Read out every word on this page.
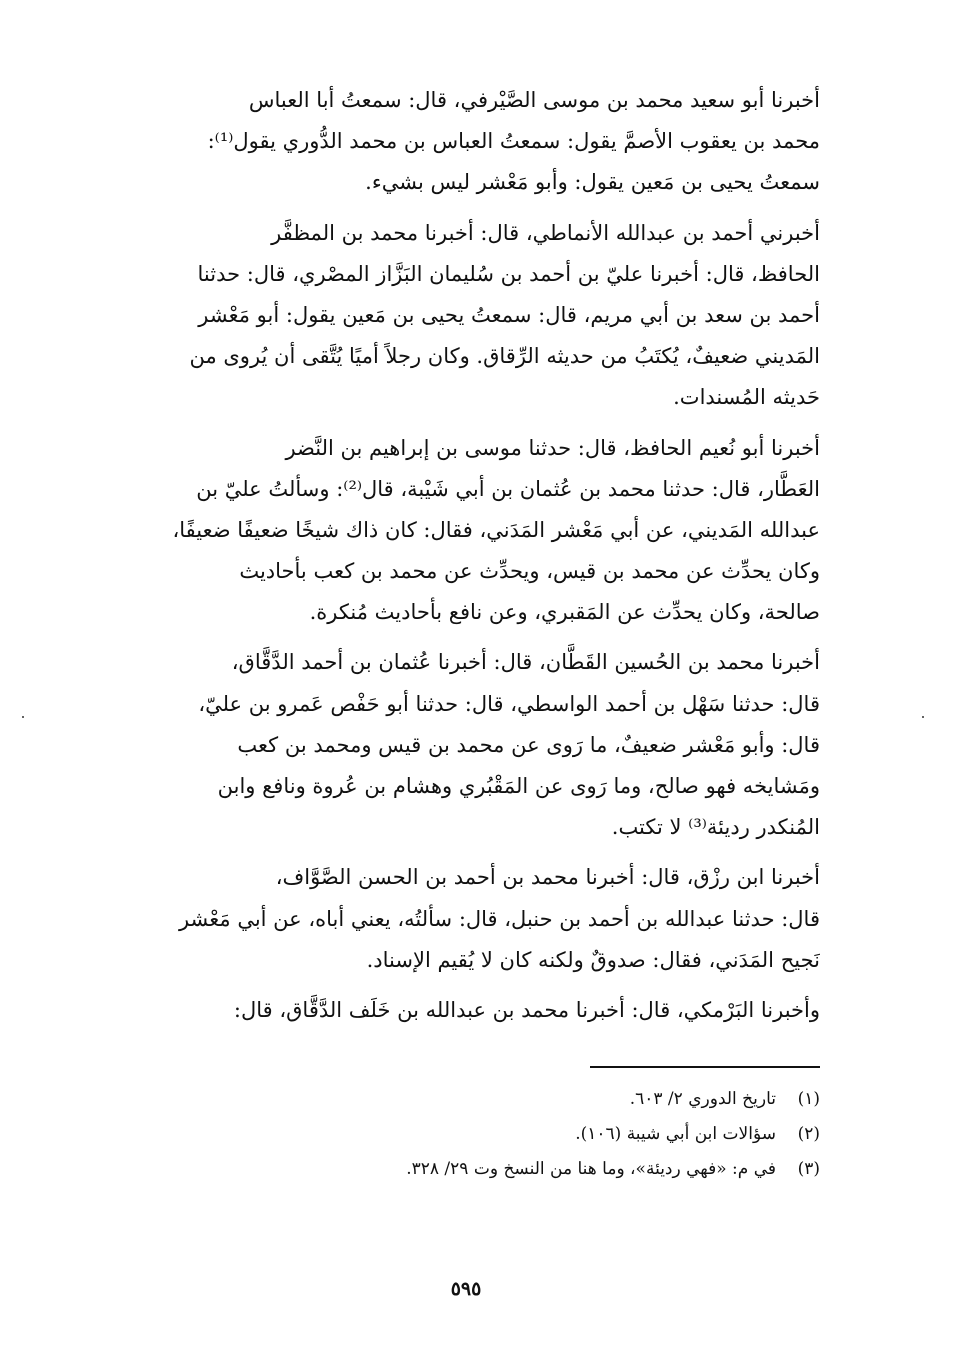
أخبرنا أبو سعيد محمد بن موسى الصَّيْرفي، قال: سمعتُ أبا العباس
محمد بن يعقوب الأصمَّ يقول: سمعتُ العباس بن محمد الدُّوري يقول⁽¹⁾:
سمعتُ يحيى بن مَعين يقول: وأبو مَعْشر ليس بشيء.
أخبرني أحمد بن عبدالله الأنماطي، قال: أخبرنا محمد بن المظفَّر
الحافظ، قال: أخبرنا عليّ بن أحمد بن سُليمان البَزَّاز المصْري، قال: حدثنا
أحمد بن سعد بن أبي مريم، قال: سمعتُ يحيى بن مَعين يقول: أبو مَعْشر
المَديني ضعيفٌ، يُكتَبُ من حديثه الرِّقاق. وكان رجلاً أميًا يُتَّقى أن يُروى من
حَديثه المُسندات.
أخبرنا أبو نُعيم الحافظ، قال: حدثنا موسى بن إبراهيم بن النَّضر
العَطَّار، قال: حدثنا محمد بن عُثمان بن أبي شَيْبة، قال⁽²⁾: وسألتُ عليّ بن
عبدالله المَديني، عن أبي مَعْشر المَدَني، فقال: كان ذاك شيخًا ضعيفًا ضعيفًا،
وكان يحدِّث عن محمد بن قيس، ويحدِّث عن محمد بن كعب بأحاديث
صالحة، وكان يحدِّث عن المَقبري، وعن نافع بأحاديث مُنكرة.
أخبرنا محمد بن الحُسين القَطَّان، قال: أخبرنا عُثمان بن أحمد الدَّقَّاق،
قال: حدثنا سَهْل بن أحمد الواسطي، قال: حدثنا أبو حَفْص عَمرو بن عليّ،
قال: وأبو مَعْشر ضعيفٌ، ما رَوى عن محمد بن قيس ومحمد بن كعب
ومَشايخه فهو صالح، وما رَوى عن المَقْبُري وهشام بن عُروة ونافع وابن
المُنكدر رديئة⁽³⁾ لا تكتب.
أخبرنا ابن رزْق، قال: أخبرنا محمد بن أحمد بن الحسن الصَّوَّاف،
قال: حدثنا عبدالله بن أحمد بن حنبل، قال: سألتُه، يعني أباه، عن أبي مَعْشر
نَجيح المَدَني، فقال: صدوقٌ ولكنه كان لا يُقيم الإسناد.
وأخبرنا البَرْمكي، قال: أخبرنا محمد بن عبدالله بن خَلَف الدَّقَّاق، قال:
(١)تاريخ الدوري ٢/ ٦٠٣.
(٢)سؤالات ابن أبي شيبة (١٠٦).
(٣)في م: «فهي رديئة»، وما هنا من النسخ وت ٢٩/ ٣٢٨.
٥٩٥
